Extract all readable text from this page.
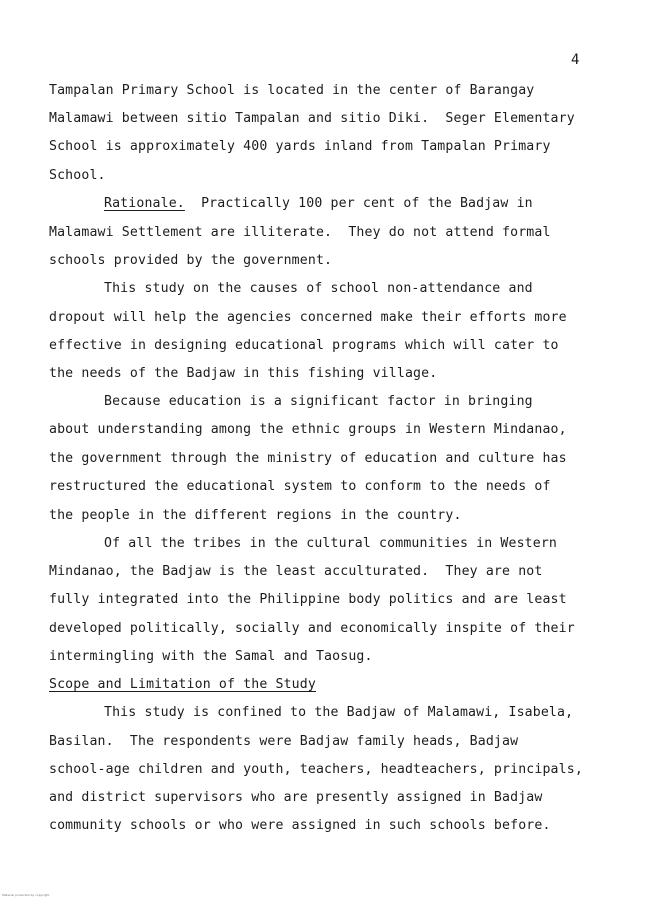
4
Tampalan Primary School is located in the center of Barangay
Malamawi between sitio Tampalan and sitio Diki.  Seger Elementary
School is approximately 400 yards inland from Tampalan Primary
School.
Rationale.  Practically 100 per cent of the Badjaw in
Malamawi Settlement are illiterate.  They do not attend formal
schools provided by the government.
This study on the causes of school non-attendance and
dropout will help the agencies concerned make their efforts more
effective in designing educational programs which will cater to
the needs of the Badjaw in this fishing village.
Because education is a significant factor in bringing
about understanding among the ethnic groups in Western Mindanao,
the government through the ministry of education and culture has
restructured the educational system to conform to the needs of
the people in the different regions in the country.
Of all the tribes in the cultural communities in Western
Mindanao, the Badjaw is the least acculturated.  They are not
fully integrated into the Philippine body politics and are least
developed politically, socially and economically inspite of their
intermingling with the Samal and Taosug.
Scope and Limitation of the Study
This study is confined to the Badjaw of Malamawi, Isabela,
Basilan.  The respondents were Badjaw family heads, Badjaw
school-age children and youth, teachers, headteachers, principals,
and district supervisors who are presently assigned in Badjaw
community schools or who were assigned in such schools before.
Material protected by copyright
